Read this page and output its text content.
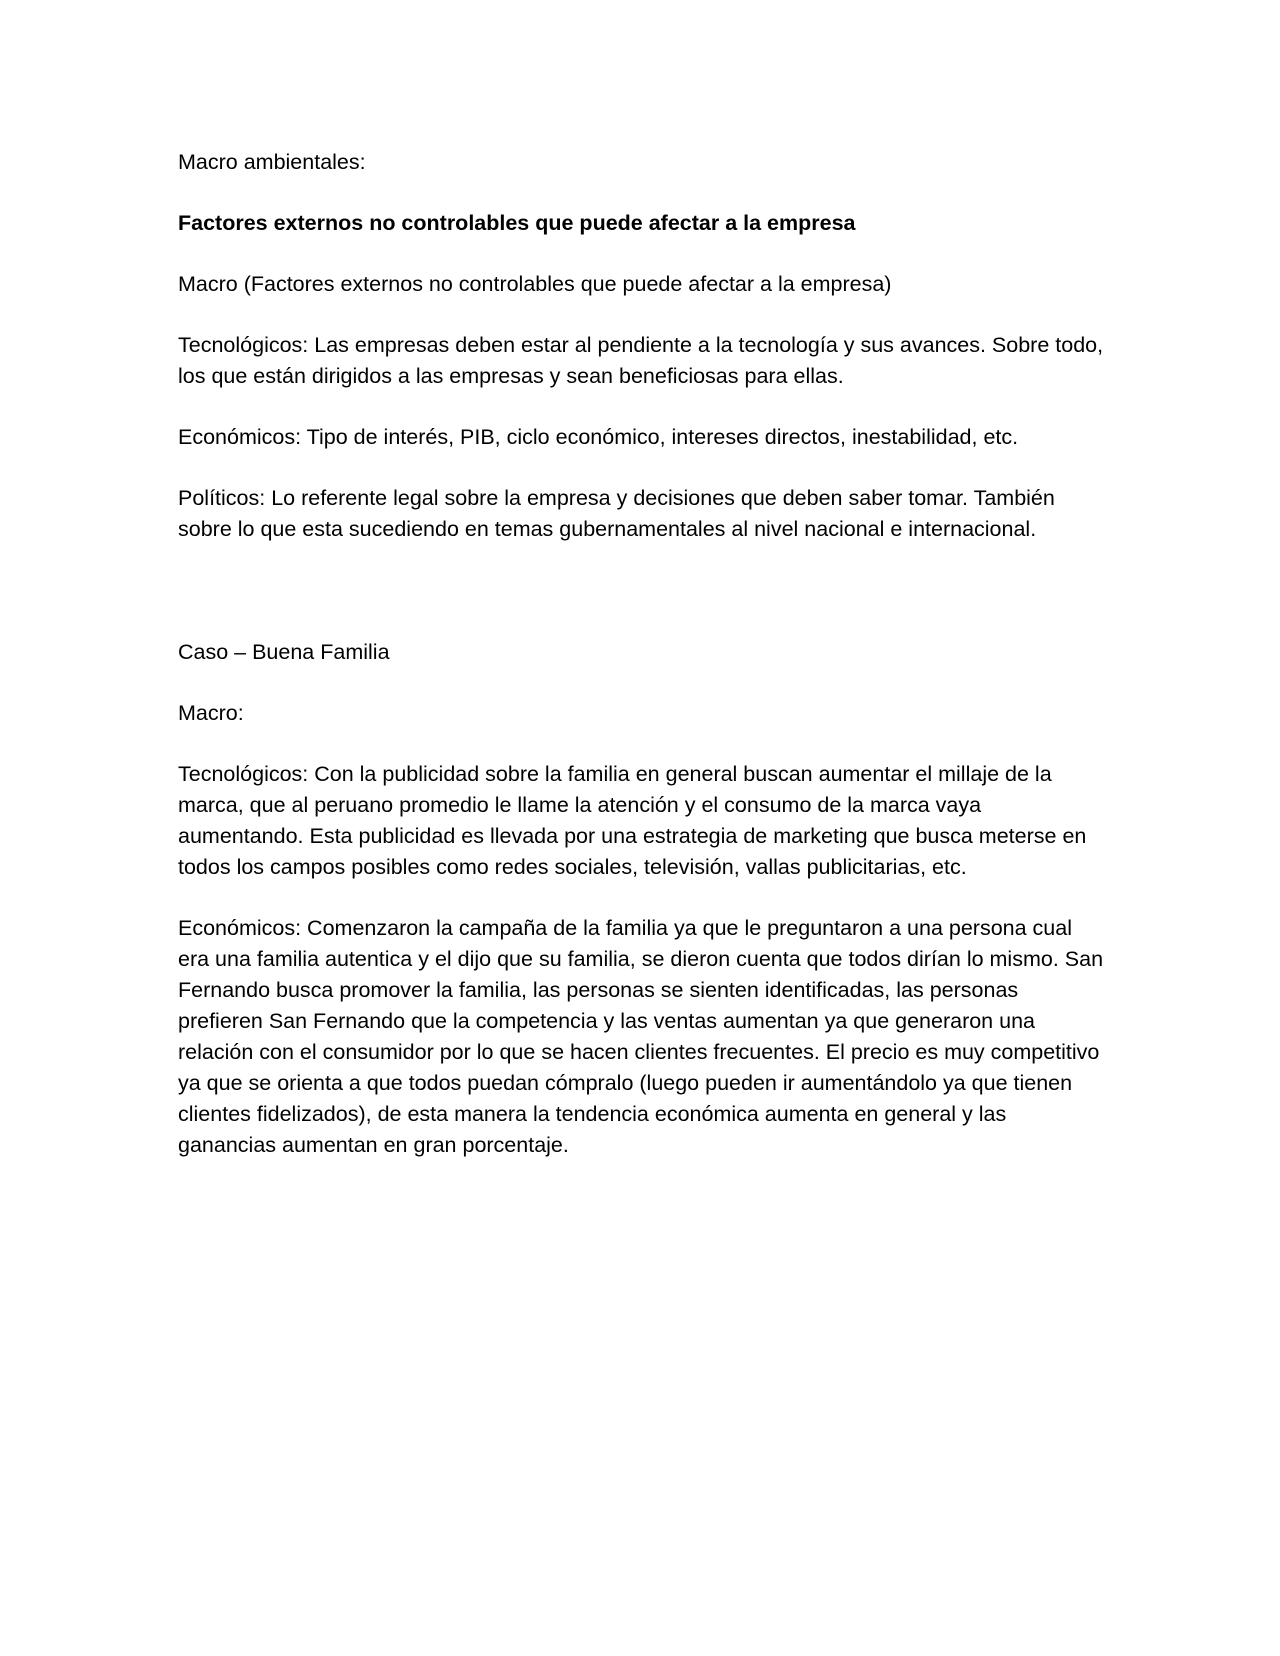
Macro ambientales:

Factores externos no controlables que puede afectar a la empresa

Macro (Factores externos no controlables que puede afectar a la empresa)

Tecnológicos: Las empresas deben estar al pendiente a la tecnología y sus avances. Sobre todo, los que están dirigidos a las empresas y sean beneficiosas para ellas.

Económicos: Tipo de interés, PIB, ciclo económico, intereses directos, inestabilidad, etc.

Políticos: Lo referente legal sobre la empresa y decisiones que deben saber tomar. También sobre lo que esta sucediendo en temas gubernamentales al nivel nacional e internacional.

Caso – Buena Familia

Macro:

Tecnológicos: Con la publicidad sobre la familia en general buscan aumentar el millaje de la marca, que al peruano promedio le llame la atención y el consumo de la marca vaya aumentando. Esta publicidad es llevada por una estrategia de marketing que busca meterse en todos los campos posibles como redes sociales, televisión, vallas publicitarias, etc.

Económicos: Comenzaron la campaña de la familia ya que le preguntaron a una persona cual era una familia autentica y el dijo que su familia, se dieron cuenta que todos dirían lo mismo. San Fernando busca promover la familia, las personas se sienten identificadas, las personas prefieren San Fernando que la competencia y las ventas aumentan ya que generaron una relación con el consumidor por lo que se hacen clientes frecuentes. El precio es muy competitivo ya que se orienta a que todos puedan cómpralo (luego pueden ir aumentándolo ya que tienen clientes fidelizados), de esta manera la tendencia económica aumenta en general y las ganancias aumentan en gran porcentaje.
